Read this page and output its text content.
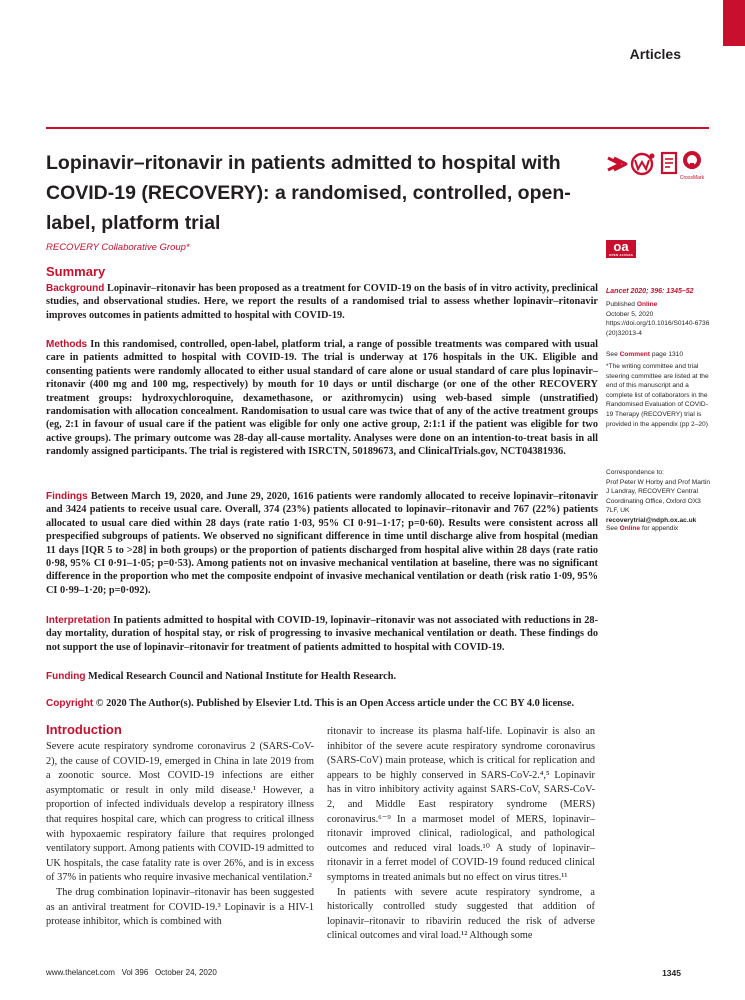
Articles
Lopinavir–ritonavir in patients admitted to hospital with COVID-19 (RECOVERY): a randomised, controlled, open-label, platform trial
RECOVERY Collaborative Group*
Summary

Background Lopinavir–ritonavir has been proposed as a treatment for COVID-19 on the basis of in vitro activity, preclinical studies, and observational studies. Here, we report the results of a randomised trial to assess whether lopinavir–ritonavir improves outcomes in patients admitted to hospital with COVID-19.

Methods In this randomised, controlled, open-label, platform trial, a range of possible treatments was compared with usual care in patients admitted to hospital with COVID-19. The trial is underway at 176 hospitals in the UK. Eligible and consenting patients were randomly allocated to either usual standard of care alone or usual standard of care plus lopinavir–ritonavir (400 mg and 100 mg, respectively) by mouth for 10 days or until discharge (or one of the other RECOVERY treatment groups: hydroxychloroquine, dexamethasone, or azithromycin) using web-based simple (unstratified) randomisation with allocation concealment. Randomisation to usual care was twice that of any of the active treatment groups (eg, 2:1 in favour of usual care if the patient was eligible for only one active group, 2:1:1 if the patient was eligible for two active groups). The primary outcome was 28-day all-cause mortality. Analyses were done on an intention-to-treat basis in all randomly assigned participants. The trial is registered with ISRCTN, 50189673, and ClinicalTrials.gov, NCT04381936.

Findings Between March 19, 2020, and June 29, 2020, 1616 patients were randomly allocated to receive lopinavir–ritonavir and 3424 patients to receive usual care. Overall, 374 (23%) patients allocated to lopinavir–ritonavir and 767 (22%) patients allocated to usual care died within 28 days (rate ratio 1·03, 95% CI 0·91–1·17; p=0·60). Results were consistent across all prespecified subgroups of patients. We observed no significant difference in time until discharge alive from hospital (median 11 days [IQR 5 to >28] in both groups) or the proportion of patients discharged from hospital alive within 28 days (rate ratio 0·98, 95% CI 0·91–1·05; p=0·53). Among patients not on invasive mechanical ventilation at baseline, there was no significant difference in the proportion who met the composite endpoint of invasive mechanical ventilation or death (risk ratio 1·09, 95% CI 0·99–1·20; p=0·092).

Interpretation In patients admitted to hospital with COVID-19, lopinavir–ritonavir was not associated with reductions in 28-day mortality, duration of hospital stay, or risk of progressing to invasive mechanical ventilation or death. These findings do not support the use of lopinavir–ritonavir for treatment of patients admitted to hospital with COVID-19.

Funding Medical Research Council and National Institute for Health Research.

Copyright © 2020 The Author(s). Published by Elsevier Ltd. This is an Open Access article under the CC BY 4.0 license.

Introduction

Severe acute respiratory syndrome coronavirus 2 (SARS-CoV-2), the cause of COVID-19, emerged in China in late 2019 from a zoonotic source. Most COVID-19 infections are either asymptomatic or result in only mild disease.¹ However, a proportion of infected individuals develop a respiratory illness that requires hospital care, which can progress to critical illness with hypoxaemic respiratory failure that requires prolonged ventilatory support. Among patients with COVID-19 admitted to UK hospitals, the case fatality rate is over 26%, and is in excess of 37% in patients who require invasive mechanical ventilation.²

The drug combination lopinavir–ritonavir has been suggested as an antiviral treatment for COVID-19.³ Lopinavir is a HIV-1 protease inhibitor, which is combined with

ritonavir to increase its plasma half-life. Lopinavir is also an inhibitor of the severe acute respiratory syndrome coronavirus (SARS-CoV) main protease, which is critical for replication and appears to be highly conserved in SARS-CoV-2.⁴,⁵ Lopinavir has in vitro inhibitory activity against SARS-CoV, SARS-CoV-2, and Middle East respiratory syndrome (MERS) coronavirus.⁶⁻⁹ In a marmoset model of MERS, lopinavir–ritonavir improved clinical, radiological, and pathological outcomes and reduced viral loads.¹⁰ A study of lopinavir–ritonavir in a ferret model of COVID-19 found reduced clinical symptoms in treated animals but no effect on virus titres.¹¹

In patients with severe acute respiratory syndrome, a historically controlled study suggested that addition of lopinavir–ritonavir to ribavirin reduced the risk of adverse clinical outcomes and viral load.¹² Although some

CrossMark
oa
OPEN ACCESS
Lancet 2020; 396: 1345–52
Published Online
October 5, 2020
https://doi.org/10.1016/S0140-6736(20)32013-4
See Comment page 1310
*The writing committee and trial steering committee are listed at the end of this manuscript and a complete list of collaborators in the Randomised Evaluation of COVID-19 Therapy (RECOVERY) trial is provided in the appendix (pp 2–20)
Correspondence to:
Prof Peter W Horby and Prof Martin J Landray, RECOVERY Central Coordinating Office, Oxford OX3 7LF, UK
recoverytrial@ndph.ox.ac.uk
See Online for appendix
www.thelancet.com   Vol 396   October 24, 2020	1345
